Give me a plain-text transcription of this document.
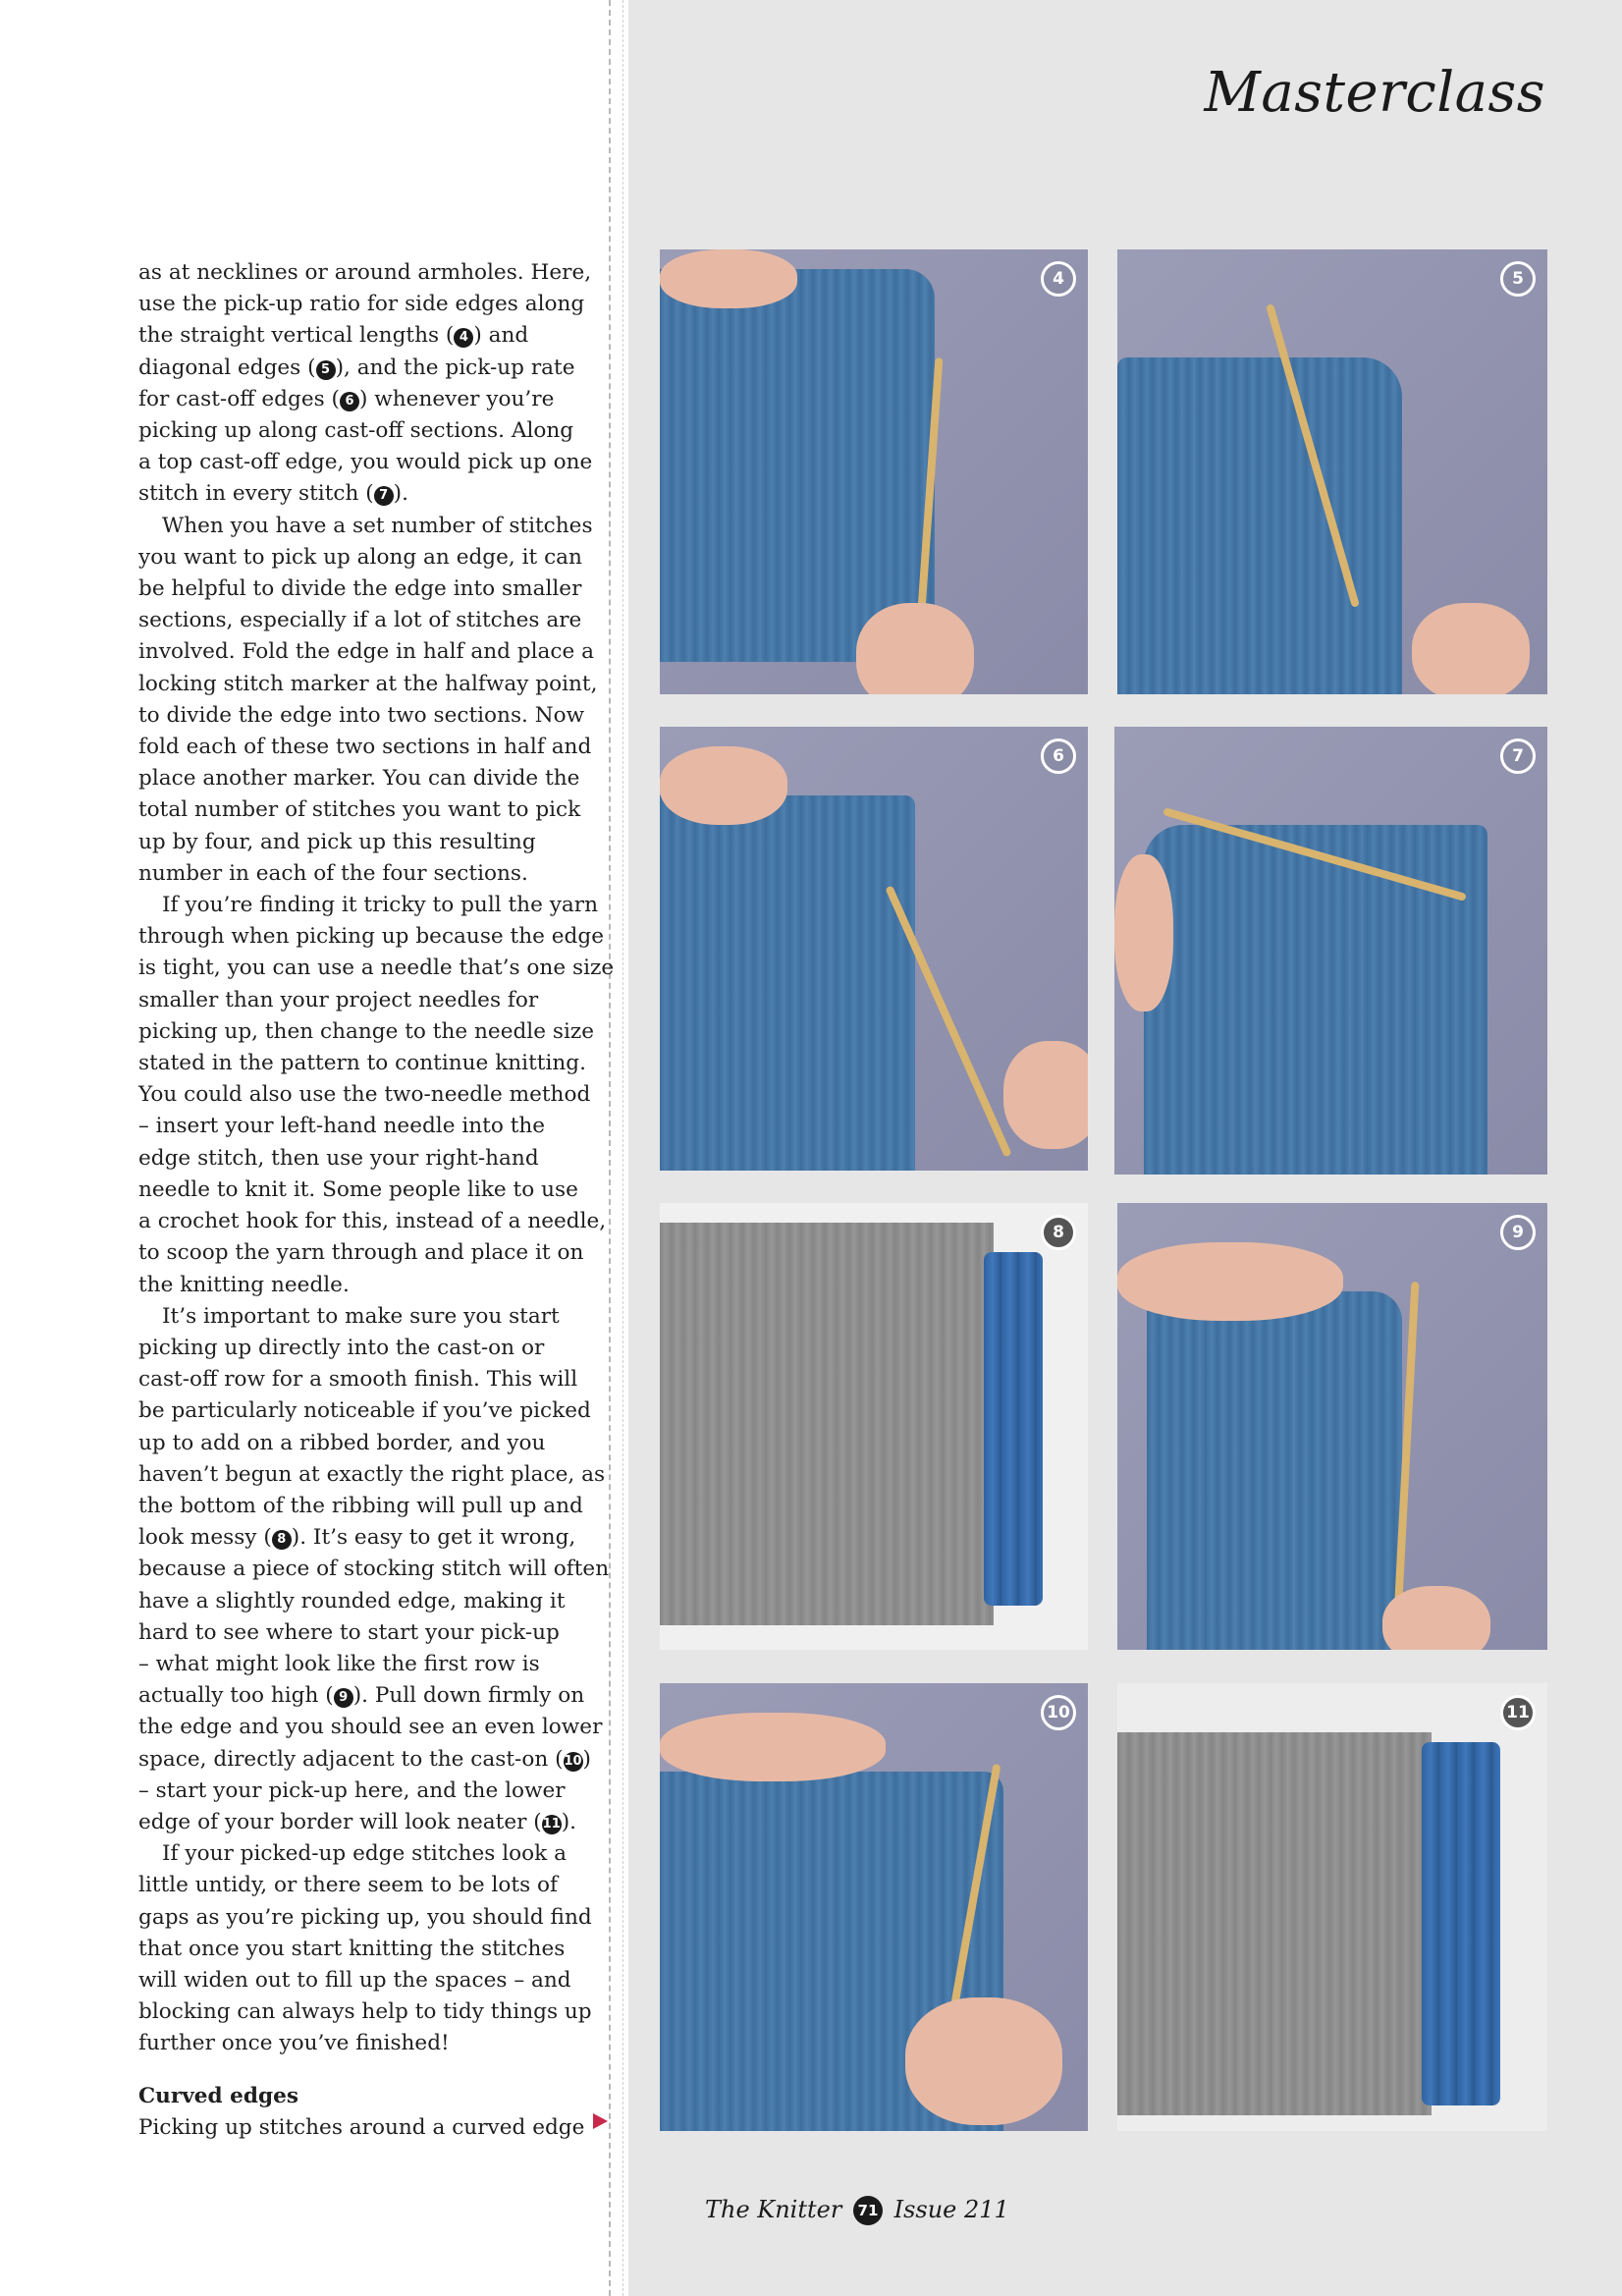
Masterclass
as at necklines or around armholes. Here,
use the pick-up ratio for side edges along
the straight vertical lengths ( 4 ) and
diagonal edges ( 5 ), and the pick-up rate
for cast-off edges ( 6 ) whenever you’re
picking up along cast-off sections. Along
a top cast-off edge, you would pick up one
stitch in every stitch ( 7 ).
When you have a set number of stitches
you want to pick up along an edge, it can
be helpful to divide the edge into smaller
sections, especially if a lot of stitches are
involved. Fold the edge in half and place a
locking stitch marker at the halfway point,
to divide the edge into two sections. Now
fold each of these two sections in half and
place another marker. You can divide the
total number of stitches you want to pick
up by four, and pick up this resulting
number in each of the four sections.
If you’re finding it tricky to pull the yarn
through when picking up because the edge
is tight, you can use a needle that’s one size
smaller than your project needles for
picking up, then change to the needle size
stated in the pattern to continue knitting.
You could also use the two-needle method
– insert your left-hand needle into the
edge stitch, then use your right-hand
needle to knit it. Some people like to use
a crochet hook for this, instead of a needle,
to scoop the yarn through and place it on
the knitting needle.
It’s important to make sure you start
picking up directly into the cast-on or
cast-off row for a smooth finish. This will
be particularly noticeable if you’ve picked
up to add on a ribbed border, and you
haven’t begun at exactly the right place, as
the bottom of the ribbing will pull up and
look messy ( 8 ). It’s easy to get it wrong,
because a piece of stocking stitch will often
have a slightly rounded edge, making it
hard to see where to start your pick-up
– what might look like the first row is
actually too high ( 9 ). Pull down firmly on
the edge and you should see an even lower
space, directly adjacent to the cast-on (10)
– start your pick-up here, and the lower
edge of your border will look neater (11).
If your picked-up edge stitches look a
little untidy, or there seem to be lots of
gaps as you’re picking up, you should find
that once you start knitting the stitches
will widen out to fill up the spaces – and
blocking can always help to tidy things up
further once you’ve finished!
Curved edges
Picking up stitches around a curved edge
4	5
6	7
8	9
10	11
The Knitter 71 Issue 211
